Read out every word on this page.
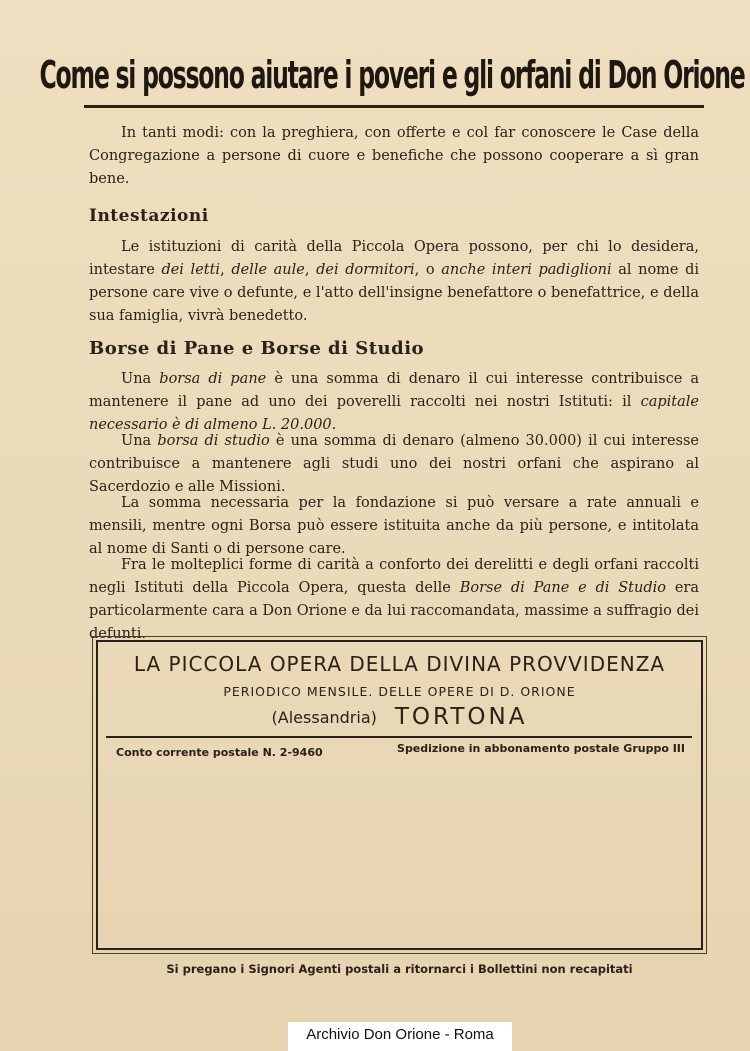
Come si possono aiutare i poveri e gli orfani di Don Orione

In tanti modi: con la preghiera, con offerte e col far conoscere le Case della Congregazione a persone di cuore e benefiche che possono cooperare a sì gran bene.

Intestazioni

Le istituzioni di carità della Piccola Opera possono, per chi lo desidera, intestare dei letti, delle aule, dei dormitori, o anche interi padiglioni al nome di persone care vive o defunte, e l'atto dell'insigne benefattore o benefattrice, e della sua famiglia, vivrà benedetto.

Borse di Pane e Borse di Studio

Una borsa di pane è una somma di denaro il cui interesse contribuisce a mantenere il pane ad uno dei poverelli raccolti nei nostri Istituti: il capitale necessario è di almeno L. 20.000.

Una borsa di studio è una somma di denaro (almeno 30.000) il cui interesse contribuisce a mantenere agli studi uno dei nostri orfani che aspirano al Sacerdozio e alle Missioni.

La somma necessaria per la fondazione si può versare a rate annuali e mensili, mentre ogni Borsa può essere istituita anche da più persone, e intitolata al nome di Santi o di persone care.

Fra le molteplici forme di carità a conforto dei derelitti e degli orfani raccolti negli Istituti della Piccola Opera, questa delle Borse di Pane e di Studio era particolarmente cara a Don Orione e da lui raccomandata, massime a suffragio dei defunti.

LA PICCOLA OPERA DELLA DIVINA PROVVIDENZA
PERIODICO MENSILE. DELLE OPERE DI D. ORIONE
(Alessandria) TORTONA
Conto corrente postale N. 2-9460	Spedizione in abbonamento postale Gruppo III
Si pregano i Signori Agenti postali a ritornarci i Bollettini non recapitati
Archivio Don Orione - Roma
